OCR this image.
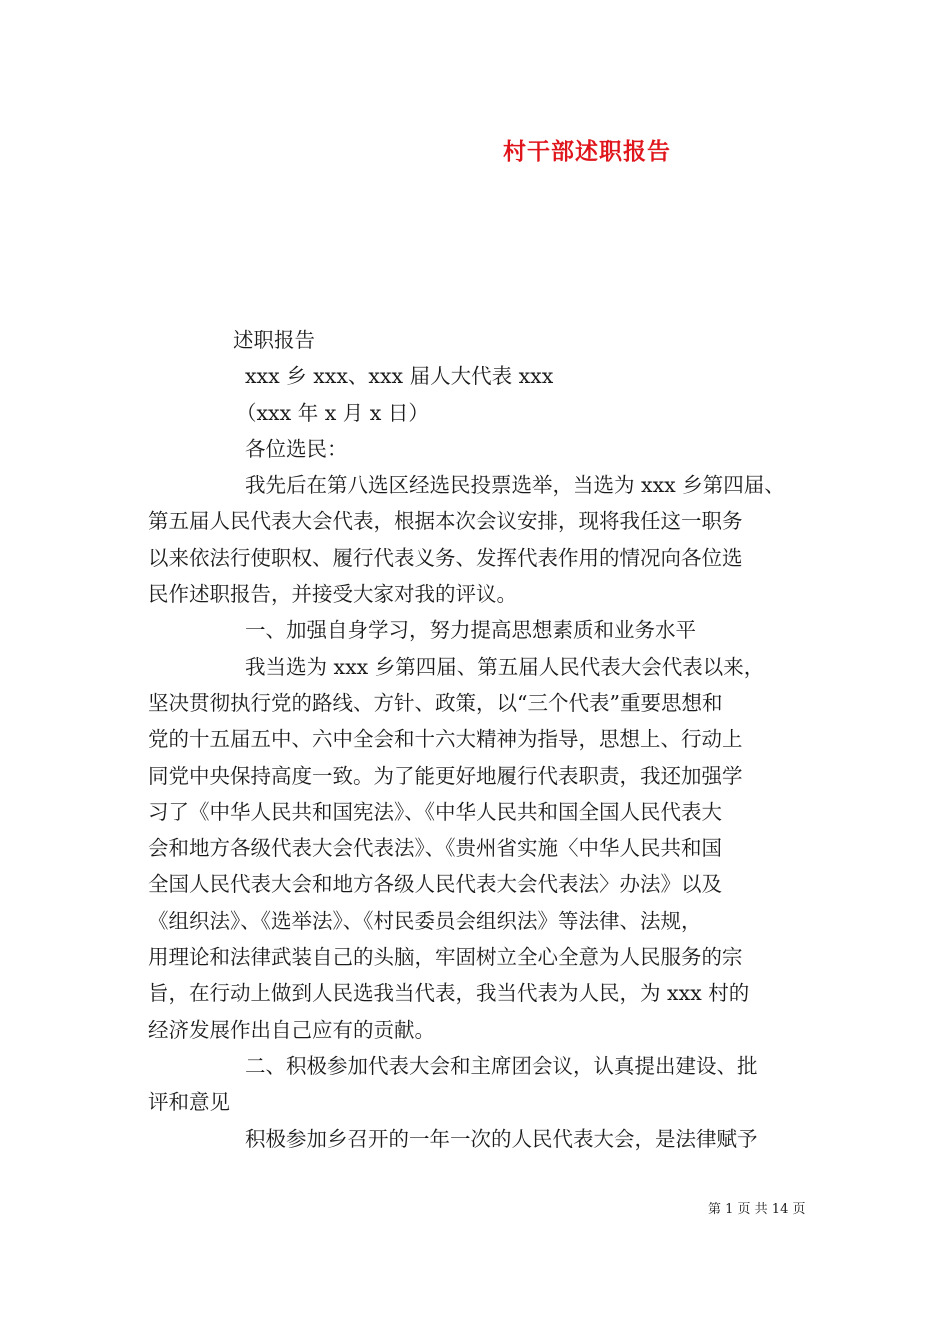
村干部述职报告
述职报告
xxx 乡 xxx、xxx 届人大代表 xxx
（xxx 年 x 月 x 日）
各位选民：
我先后在第八选区经选民投票选举，当选为 xxx 乡第四届、
第五届人民代表大会代表，根据本次会议安排，现将我任这一职务
以来依法行使职权、履行代表义务、发挥代表作用的情况向各位选
民作述职报告，并接受大家对我的评议。
一、加强自身学习，努力提高思想素质和业务水平
我当选为 xxx 乡第四届、第五届人民代表大会代表以来，
坚决贯彻执行党的路线、方针、政策，以“三个代表”重要思想和
党的十五届五中、六中全会和十六大精神为指导，思想上、行动上
同党中央保持高度一致。为了能更好地履行代表职责，我还加强学
习了《中华人民共和国宪法》、《中华人民共和国全国人民代表大
会和地方各级代表大会代表法》、《贵州省实施〈中华人民共和国
全国人民代表大会和地方各级人民代表大会代表法〉办法》以及
《组织法》、《选举法》、《村民委员会组织法》等法律、法规，
用理论和法律武装自己的头脑，牢固树立全心全意为人民服务的宗
旨，在行动上做到人民选我当代表，我当代表为人民，为 xxx 村的
经济发展作出自己应有的贡献。
二、积极参加代表大会和主席团会议，认真提出建设、批
评和意见
积极参加乡召开的一年一次的人民代表大会，是法律赋予
第 1 页 共 14 页
